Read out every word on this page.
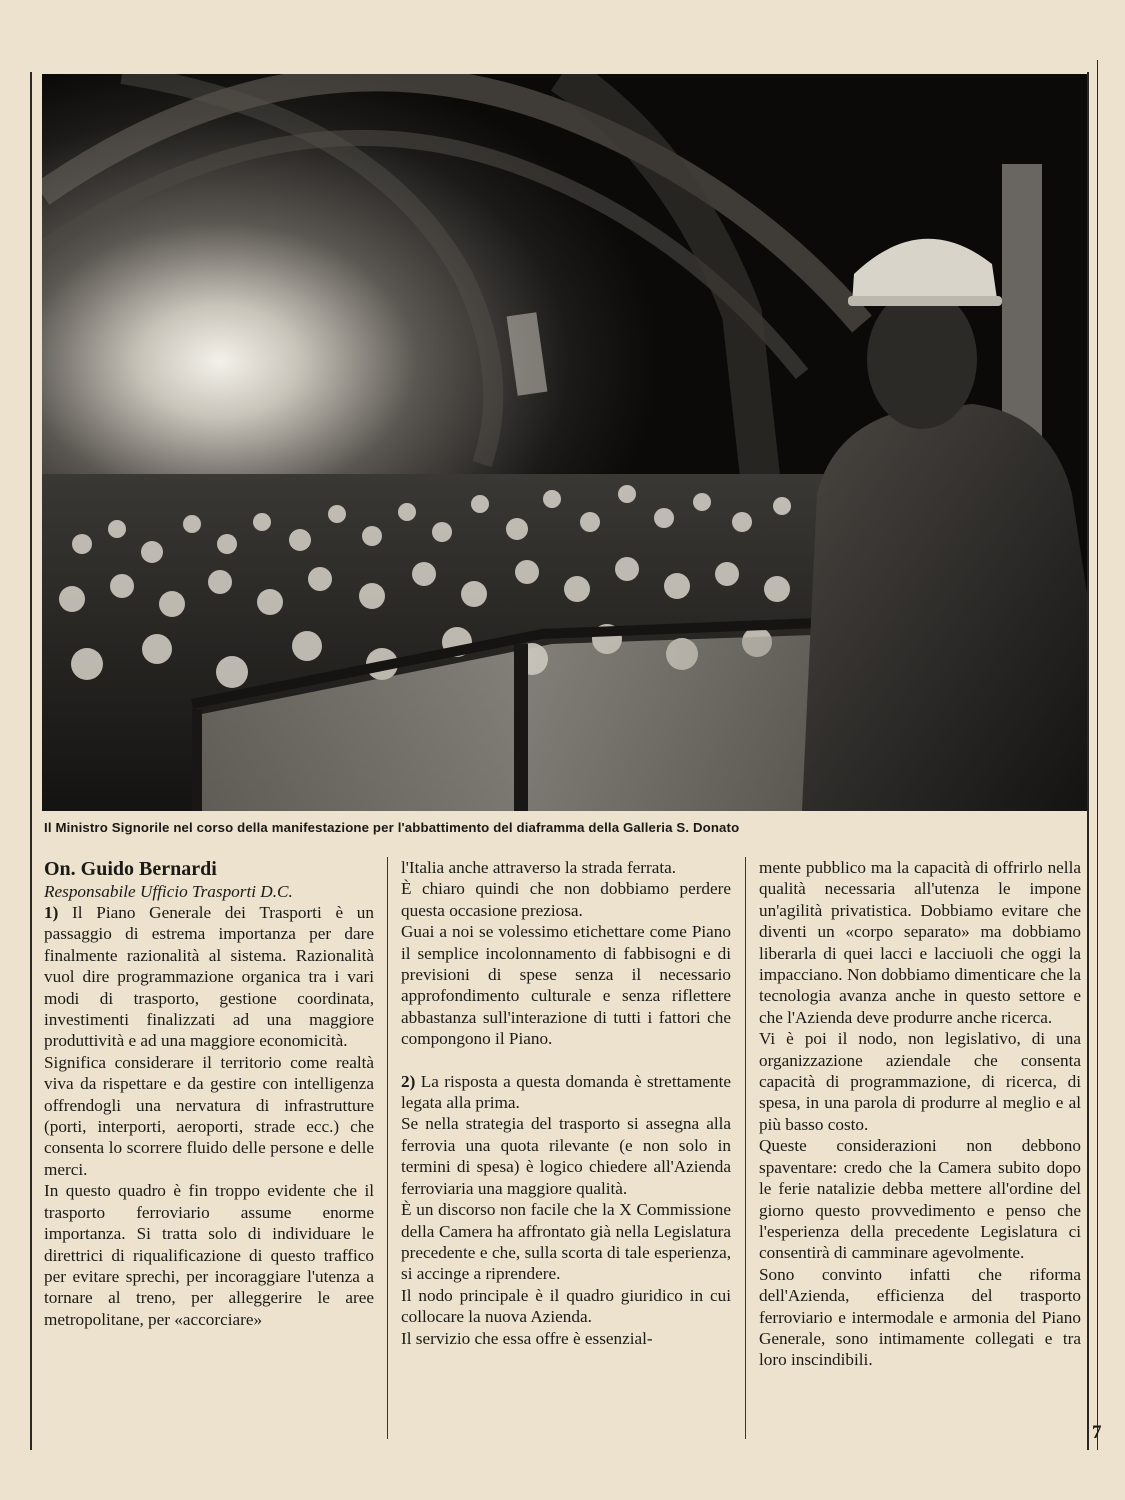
Il Ministro Signorile nel corso della manifestazione per l'abbattimento del diaframma della Galleria S. Donato

On. Guido Bernardi

Responsabile Ufficio Trasporti D.C.

1) Il Piano Generale dei Trasporti è un passaggio di estrema importanza per dare finalmente razionalità al sistema. Razionalità vuol dire programmazione organica tra i vari modi di trasporto, gestione coordinata, investimenti finalizzati ad una maggiore produttività e ad una maggiore economicità.

Significa considerare il territorio come realtà viva da rispettare e da gestire con intelligenza offrendogli una nervatura di infrastrutture (porti, interporti, aeroporti, strade ecc.) che consenta lo scorrere fluido delle persone e delle merci.

In questo quadro è fin troppo evidente che il trasporto ferroviario assume enorme importanza. Si tratta solo di individuare le direttrici di riqualificazione di questo traffico per evitare sprechi, per incoraggiare l'utenza a tornare al treno, per alleggerire le aree metropolitane, per «accorciare»

l'Italia anche attraverso la strada ferrata.

È chiaro quindi che non dobbiamo perdere questa occasione preziosa.

Guai a noi se volessimo etichettare come Piano il semplice incolonnamento di fabbisogni e di previsioni di spese senza il necessario approfondimento culturale e senza riflettere abbastanza sull'interazione di tutti i fattori che compongono il Piano.

2) La risposta a questa domanda è strettamente legata alla prima.

Se nella strategia del trasporto si assegna alla ferrovia una quota rilevante (e non solo in termini di spesa) è logico chiedere all'Azienda ferroviaria una maggiore qualità.

È un discorso non facile che la X Commissione della Camera ha affrontato già nella Legislatura precedente e che, sulla scorta di tale esperienza, si accinge a riprendere.

Il nodo principale è il quadro giuridico in cui collocare la nuova Azienda.

Il servizio che essa offre è essenzial-

mente pubblico ma la capacità di offrirlo nella qualità necessaria all'utenza le impone un'agilità privatistica. Dobbiamo evitare che diventi un «corpo separato» ma dobbiamo liberarla di quei lacci e lacciuoli che oggi la impacciano. Non dobbiamo dimenticare che la tecnologia avanza anche in questo settore e che l'Azienda deve produrre anche ricerca.

Vi è poi il nodo, non legislativo, di una organizzazione aziendale che consenta capacità di programmazione, di ricerca, di spesa, in una parola di produrre al meglio e al più basso costo.

Queste considerazioni non debbono spaventare: credo che la Camera subito dopo le ferie natalizie debba mettere all'ordine del giorno questo provvedimento e penso che l'esperienza della precedente Legislatura ci consentirà di camminare agevolmente.

Sono convinto infatti che riforma dell'Azienda, efficienza del trasporto ferroviario e intermodale e armonia del Piano Generale, sono intimamente collegati e tra loro inscindibili.

7
